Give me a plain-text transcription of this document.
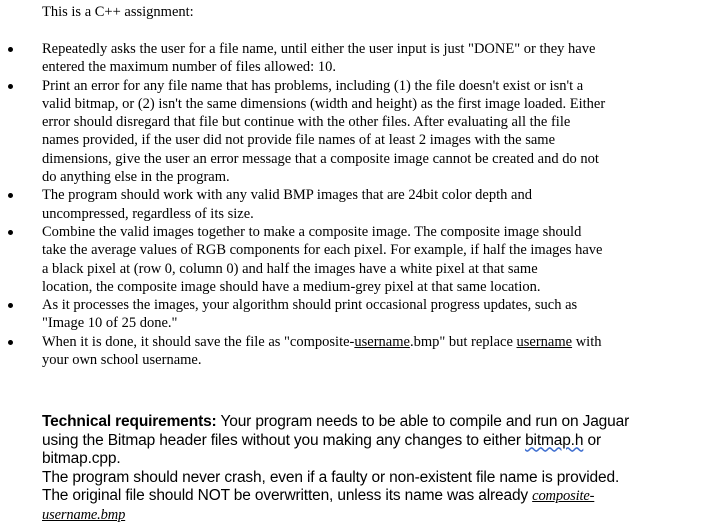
This is a C++ assignment:
Repeatedly asks the user for a file name, until either the user input is just "DONE" or they have
entered the maximum number of files allowed: 10.
Print an error for any file name that has problems, including (1) the file doesn't exist or isn't a
valid bitmap, or (2) isn't the same dimensions (width and height) as the first image loaded. Either
error should disregard that file but continue with the other files. After evaluating all the file
names provided, if the user did not provide file names of at least 2 images with the same
dimensions, give the user an error message that a composite image cannot be created and do not
do anything else in the program.
The program should work with any valid BMP images that are 24bit color depth and
uncompressed, regardless of its size.
Combine the valid images together to make a composite image. The composite image should
take the average values of RGB components for each pixel. For example, if half the images have
a black pixel at (row 0, column 0) and half the images have a white pixel at that same
location, the composite image should have a medium-grey pixel at that same location.
As it processes the images, your algorithm should print occasional progress updates, such as
"Image 10 of 25 done."
When it is done, it should save the file as "composite-username.bmp" but replace username with
your own school username.
Technical requirements: Your program needs to be able to compile and run on Jaguar
using the Bitmap header files without you making any changes to either bitmap.h or
bitmap.cpp.
The program should never crash, even if a faulty or non-existent file name is provided.
The original file should NOT be overwritten, unless its name was already composite-
username.bmp
